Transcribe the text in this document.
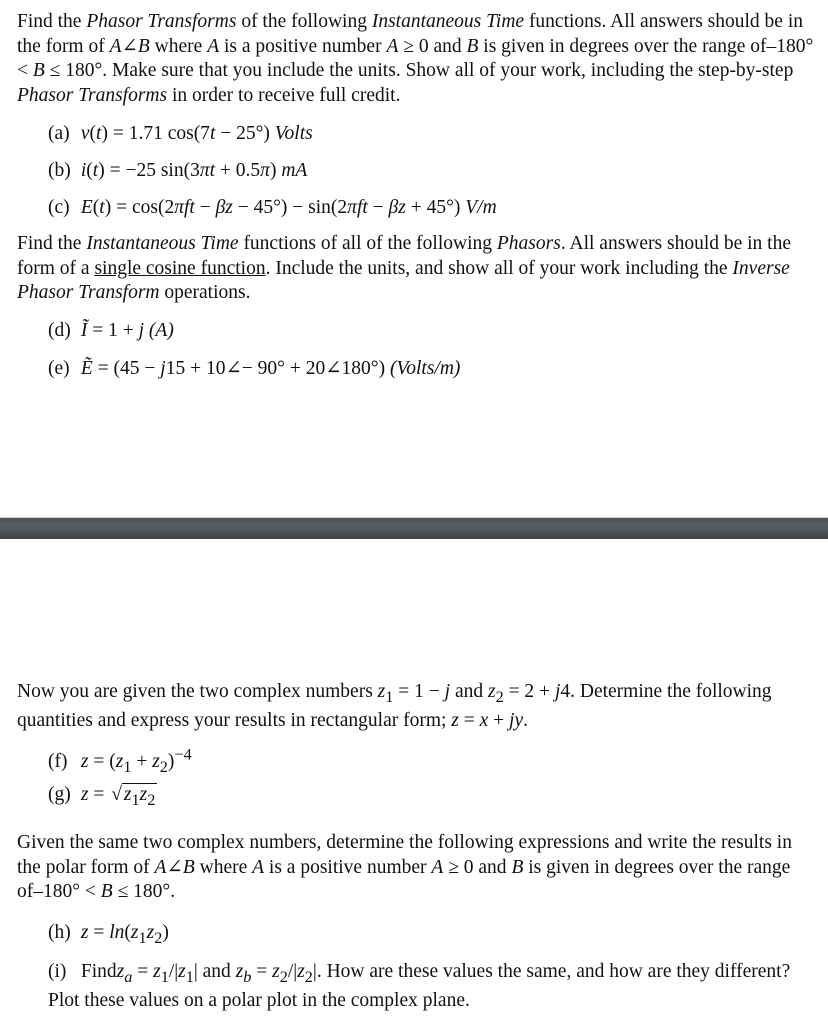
Find the Phasor Transforms of the following Instantaneous Time functions. All answers should be in the form of A∠B where A is a positive number A ≥ 0 and B is given in degrees over the range of–180° < B ≤ 180°. Make sure that you include the units. Show all of your work, including the step-by-step Phasor Transforms in order to receive full credit.

(a) v(t) = 1.71 cos(7t − 25°) Volts
(b) i(t) = −25 sin(3πt + 0.5π) mA
(c) E(t) = cos(2πft − βz − 45°) − sin(2πft − βz + 45°) V/m

Find the Instantaneous Time functions of all of the following Phasors. All answers should be in the form of a single cosine function. Include the units, and show all of your work including the Inverse Phasor Transform operations.

(d) Ĩ = 1 + j (A)
(e) Ẽ = (45 − j15 + 10∠− 90° + 20∠180°) (Volts/m)

Now you are given the two complex numbers $z_1 = 1 - j$ and $z_2 = 2 + j4$. Determine the following quantities and express your results in rectangular form; z = x + jy.

(f) $z = (z_1 + z_2)^{-4}$
(g) z = √ $z_1z_2$

Given the same two complex numbers, determine the following expressions and write the results in the polar form of A∠B where A is a positive number A ≥ 0 and B is given in degrees over the range of–180° < B ≤ 180°.

(h) $z = \ln(z_1z_2)$
(i) Findz$_a$ = $z_1/|z_1|$ and $z_b = z_2/|z_2|$. How are these values the same, and how are they different? Plot these values on a polar plot in the complex plane.
